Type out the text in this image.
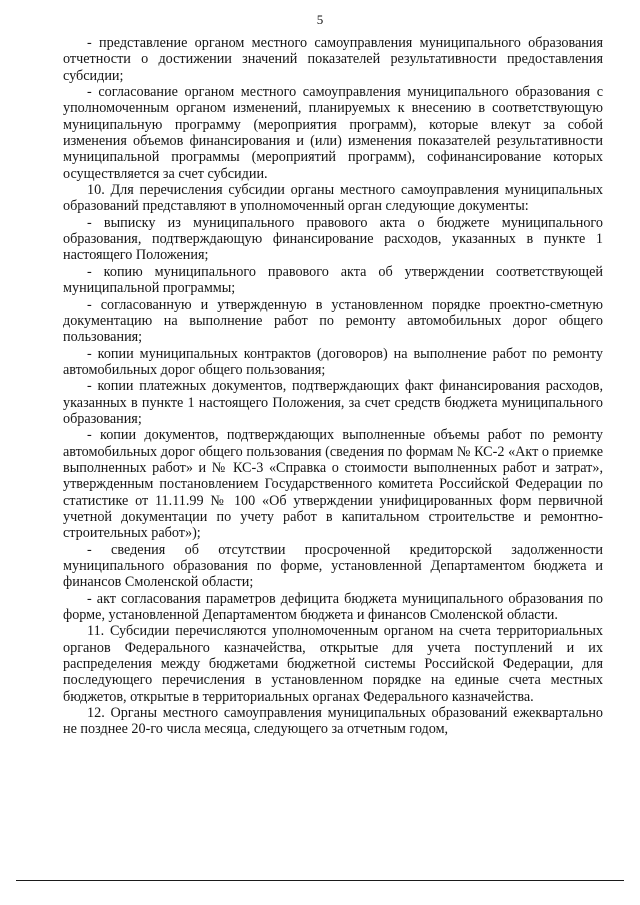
5

- представление органом местного самоуправления муниципального образования отчетности о достижении значений показателей результативности предоставления субсидии;

- согласование органом местного самоуправления муниципального образования с уполномоченным органом изменений, планируемых к внесению в соответствующую муниципальную программу (мероприятия программ), которые влекут за собой изменения объемов финансирования и (или) изменения показателей результативности муниципальной программы (мероприятий программ), софинансирование которых осуществляется за счет субсидии.

10. Для перечисления субсидии органы местного самоуправления муниципальных образований представляют в уполномоченный орган следующие документы:

- выписку из муниципального правового акта о бюджете муниципального образования, подтверждающую финансирование расходов, указанных в пункте 1 настоящего Положения;

- копию муниципального правового акта об утверждении соответствующей муниципальной программы;

- согласованную и утвержденную в установленном порядке проектно-сметную документацию на выполнение работ по ремонту автомобильных дорог общего пользования;

- копии муниципальных контрактов (договоров) на выполнение работ по ремонту автомобильных дорог общего пользования;

- копии платежных документов, подтверждающих факт финансирования расходов, указанных в пункте 1 настоящего Положения, за счет средств бюджета муниципального образования;

- копии документов, подтверждающих выполненные объемы работ по ремонту автомобильных дорог общего пользования (сведения по формам № КС-2 «Акт о приемке выполненных работ» и № КС-3 «Справка о стоимости выполненных работ и затрат», утвержденным постановлением Государственного комитета Российской Федерации по статистике от 11.11.99 № 100 «Об утверждении унифицированных форм первичной учетной документации по учету работ в капитальном строительстве и ремонтно-строительных работ»);

- сведения об отсутствии просроченной кредиторской задолженности муниципального образования по форме, установленной Департаментом бюджета и финансов Смоленской области;

- акт согласования параметров дефицита бюджета муниципального образования по форме, установленной Департаментом бюджета и финансов Смоленской области.

11. Субсидии перечисляются уполномоченным органом на счета территориальных органов Федерального казначейства, открытые для учета поступлений и их распределения между бюджетами бюджетной системы Российской Федерации, для последующего перечисления в установленном порядке на единые счета местных бюджетов, открытые в территориальных органах Федерального казначейства.

12. Органы местного самоуправления муниципальных образований ежеквартально не позднее 20-го числа месяца, следующего за отчетным годом,
